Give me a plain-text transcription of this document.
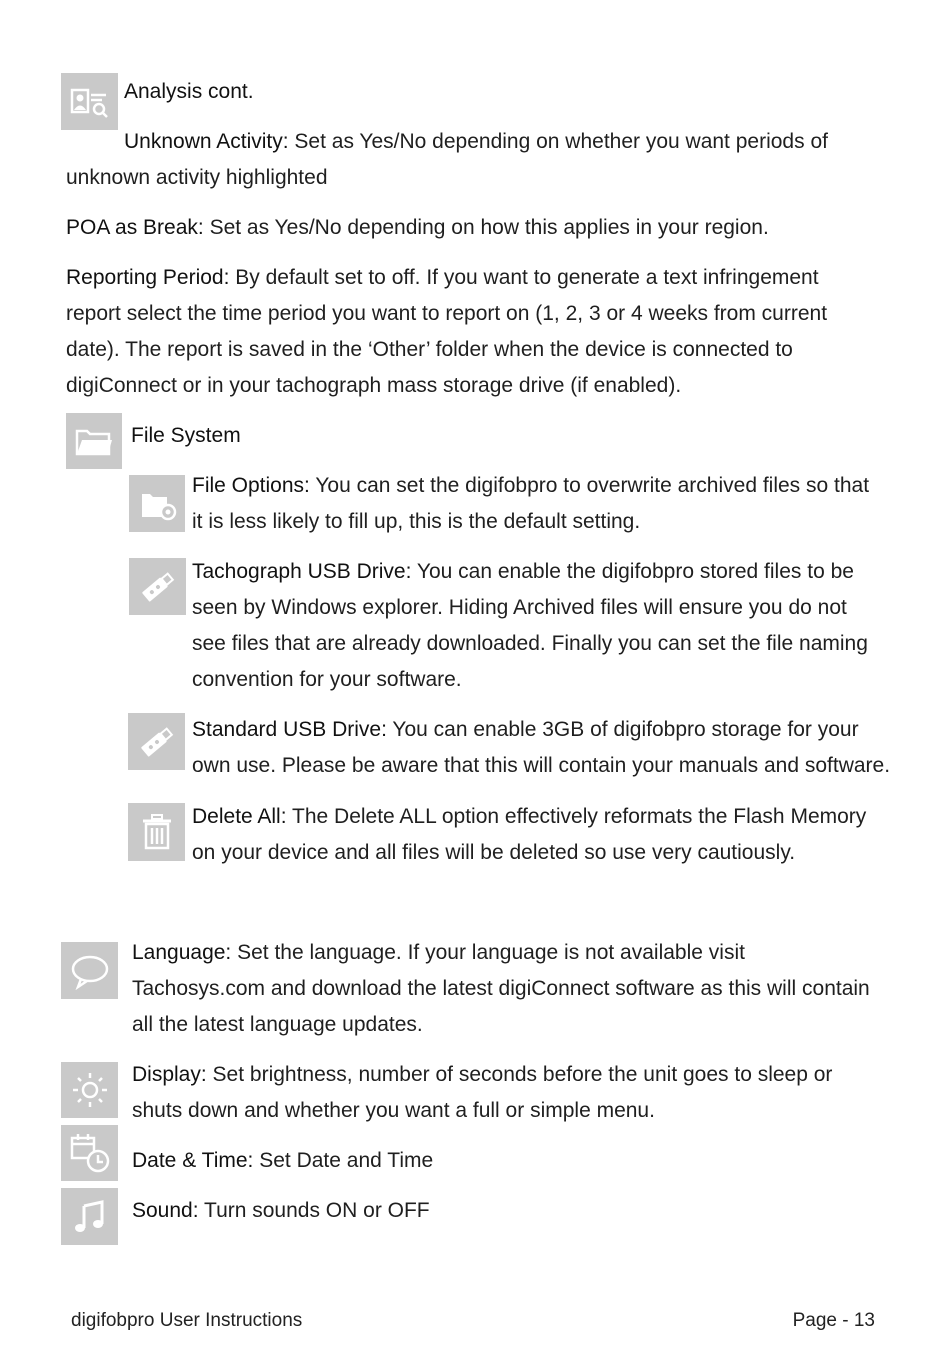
Analysis cont.
Unknown Activity: Set as Yes/No depending on whether you want periods of unknown activity highlighted
POA as Break: Set as Yes/No depending on how this applies in your region.
Reporting Period: By default set to off. If you want to generate a text infringement report select the time period you want to report on (1, 2, 3 or 4 weeks from current date). The report is saved in the ‘Other’ folder when the device is connected to digiConnect or in your tachograph mass storage drive (if enabled).
File System
File Options: You can set the digifobpro to overwrite archived files so that it is less likely to fill up, this is the default setting.
Tachograph USB Drive: You can enable the digifobpro stored files to be seen by Windows explorer. Hiding Archived files will ensure you do not see files that are already downloaded. Finally you can set the file naming convention for your software.
Standard USB Drive: You can enable 3GB of digifobpro storage for your own use. Please be aware that this will contain your manuals and software.
Delete All: The Delete ALL option effectively reformats the Flash Memory on your device and all files will be deleted so use very cautiously.
Language: Set the language. If your language is not available visit Tachosys.com and download the latest digiConnect software as this will contain all the latest language updates.
Display: Set brightness, number of seconds before the unit goes to sleep or shuts down and whether you want a full or simple menu.
Date & Time: Set Date and Time
Sound: Turn sounds ON or OFF
digifobpro User Instructions	Page - 13
